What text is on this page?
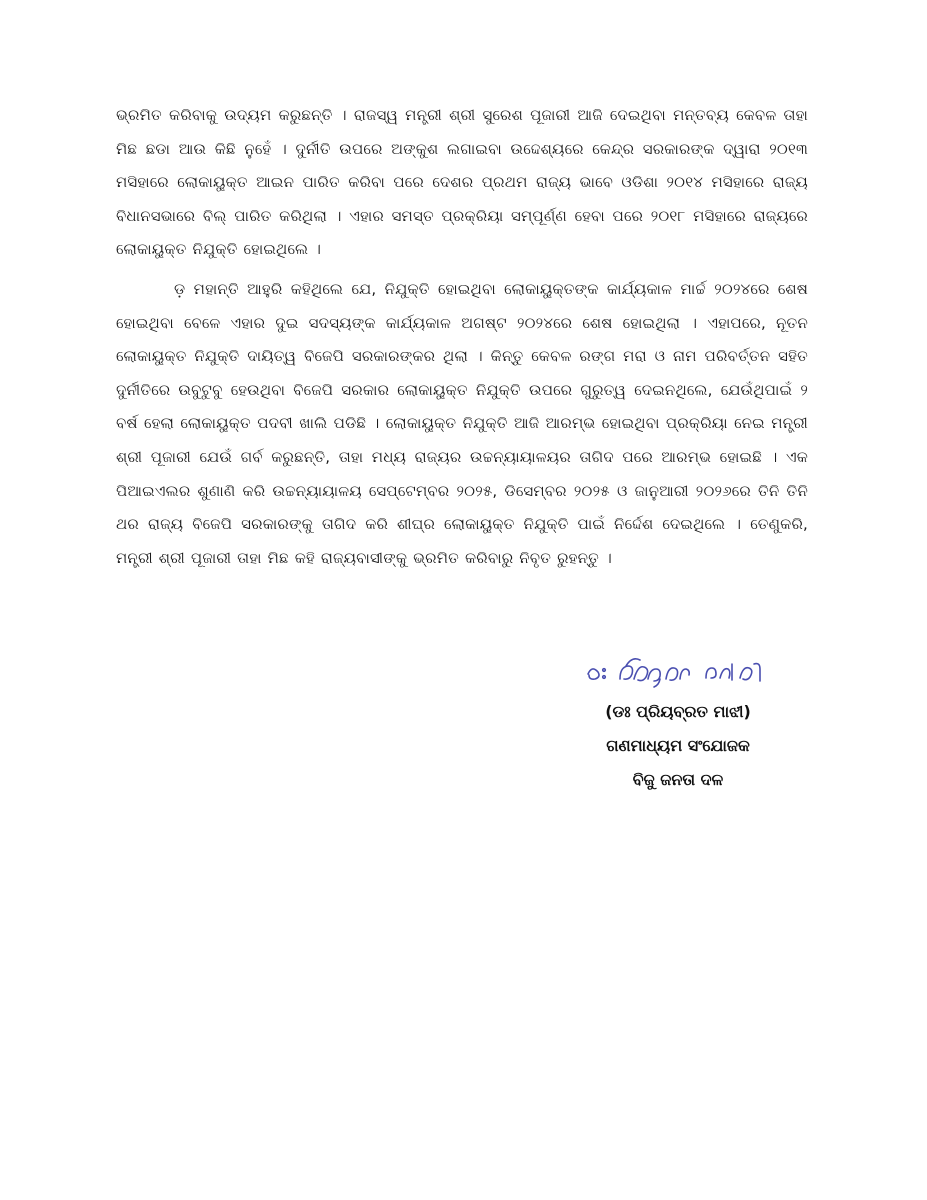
ଭ୍ରମିତ କରିବାକୁ ଉଦ୍ୟମ କରୁଛନ୍ତି । ରାଜସ୍ୱ ମନ୍ତ୍ରୀ ଶ୍ରୀ ସୁରେଶ ପୂଜାରୀ ଆଜି ଦେଇଥିବା ମନ୍ତବ୍ୟ କେବଳ ତାହା ମିଛ ଛଡା ଆଉ କିଛି ନୁହେଁ । ଦୁର୍ନୀତି ଉପରେ ଅଙ୍କୁଶ ଲଗାଇବା ଉଦ୍ଦେଶ୍ୟରେ କେନ୍ଦ୍ର ସରକାରଙ୍କ ଦ୍ୱାରା ୨୦୧୩ ମସିହାରେ ଲୋକାୟୁକ୍ତ ଆଇନ ପାରିତ କରିବା ପରେ ଦେଶର ପ୍ରଥମ ରାଜ୍ୟ ଭାବେ ଓଡିଶା ୨୦୧୪ ମସିହାରେ ରାଜ୍ୟ ବିଧାନସଭାରେ ବିଲ୍ ପାରିତ କରିଥିଲା । ଏହାର ସମସ୍ତ ପ୍ରକ୍ରିୟା ସମ୍ପୂର୍ଣ୍ଣ ହେବା ପରେ ୨୦୧୮ ମସିହାରେ ରାଜ୍ୟରେ ଲୋକାୟୁକ୍ତ ନିଯୁକ୍ତି ହୋଇଥିଲେ ।

ଡ଼ ମହାନ୍ତି ଆହୁରି କହିଥିଲେ ଯେ, ନିଯୁକ୍ତି ହୋଇଥିବା ଲୋକାୟୁକ୍ତଙ୍କ କାର୍ଯ୍ୟକାଳ ମାର୍ଚ୍ଚ ୨୦୨୪ରେ ଶେଷ ହୋଇଥିବା ବେଳେ ଏହାର ଦୁଇ ସଦସ୍ୟଙ୍କ କାର୍ଯ୍ୟକାଳ ଅଗଷ୍ଟ ୨୦୨୪ରେ ଶେଷ ହୋଇଥିଲା । ଏହାପରେ, ନୂତନ ଲୋକାୟୁକ୍ତ ନିଯୁକ୍ତି ଦାୟିତ୍ୱ ବିଜେପି ସରକାରଙ୍କର ଥିଲା । କିନ୍ତୁ କେବଳ ରଙ୍ଗ ମରା ଓ ନାମ ପରିବର୍ତ୍ତନ ସହିତ ଦୁର୍ନୀତିରେ ଉବୁଟୁବୁ ହେଉଥିବା ବିଜେପି ସରକାର ଲୋକାୟୁକ୍ତ ନିଯୁକ୍ତି ଉପରେ ଗୁରୁତ୍ୱ ଦେଇନଥିଲେ, ଯେଉଁଥିପାଇଁ ୨ ବର୍ଷ ହେଲା ଲୋକାୟୁକ୍ତ ପଦବୀ ଖାଲି ପଡିଛି । ଲୋକାୟୁକ୍ତ ନିଯୁକ୍ତି ଆଜି ଆରମ୍ଭ ହୋଇଥିବା ପ୍ରକ୍ରିୟା ନେଇ ମନ୍ତ୍ରୀ ଶ୍ରୀ ପୂଜାରୀ ଯେଉଁ ଗର୍ବ କରୁଛନ୍ତି, ତାହା ମଧ୍ୟ ରାଜ୍ୟର ଉଚ୍ଚନ୍ୟାୟାଳୟର ତାଗିଦ ପରେ ଆରମ୍ଭ ହୋଇଛି । ଏକ ପିଆଇଏଲର ଶୁଣାଣି କରି ଉଚ୍ଚନ୍ୟାୟାଳୟ ସେପ୍ଟେମ୍ବର ୨୦୨୫, ଡିସେମ୍ବର ୨୦୨୫ ଓ ଜାନୁଆରୀ ୨୦୨୬ରେ ତିନି ତିନି ଥର ରାଜ୍ୟ ବିଜେପି ସରକାରଙ୍କୁ ତାଗିଦ କରି ଶୀଘ୍ର ଲୋକାୟୁକ୍ତ ନିଯୁକ୍ତି ପାଇଁ ନିର୍ଦ୍ଦେଶ ଦେଇଥିଲେ । ତେଣୁକରି, ମନ୍ତ୍ରୀ ଶ୍ରୀ ପୂଜାରୀ ତାହା ମିଛ କହି ରାଜ୍ୟବାସୀଙ୍କୁ ଭ୍ରମିତ କରିବାରୁ ନିବୃତ ରୁହନ୍ତୁ ।

(ଡଃ ପ୍ରିୟବ୍ରତ ମାଝୀ)
ଗଣମାଧ୍ୟମ ସଂଯୋଜକ
ବିଜୁ ଜନତା ଦଳ
